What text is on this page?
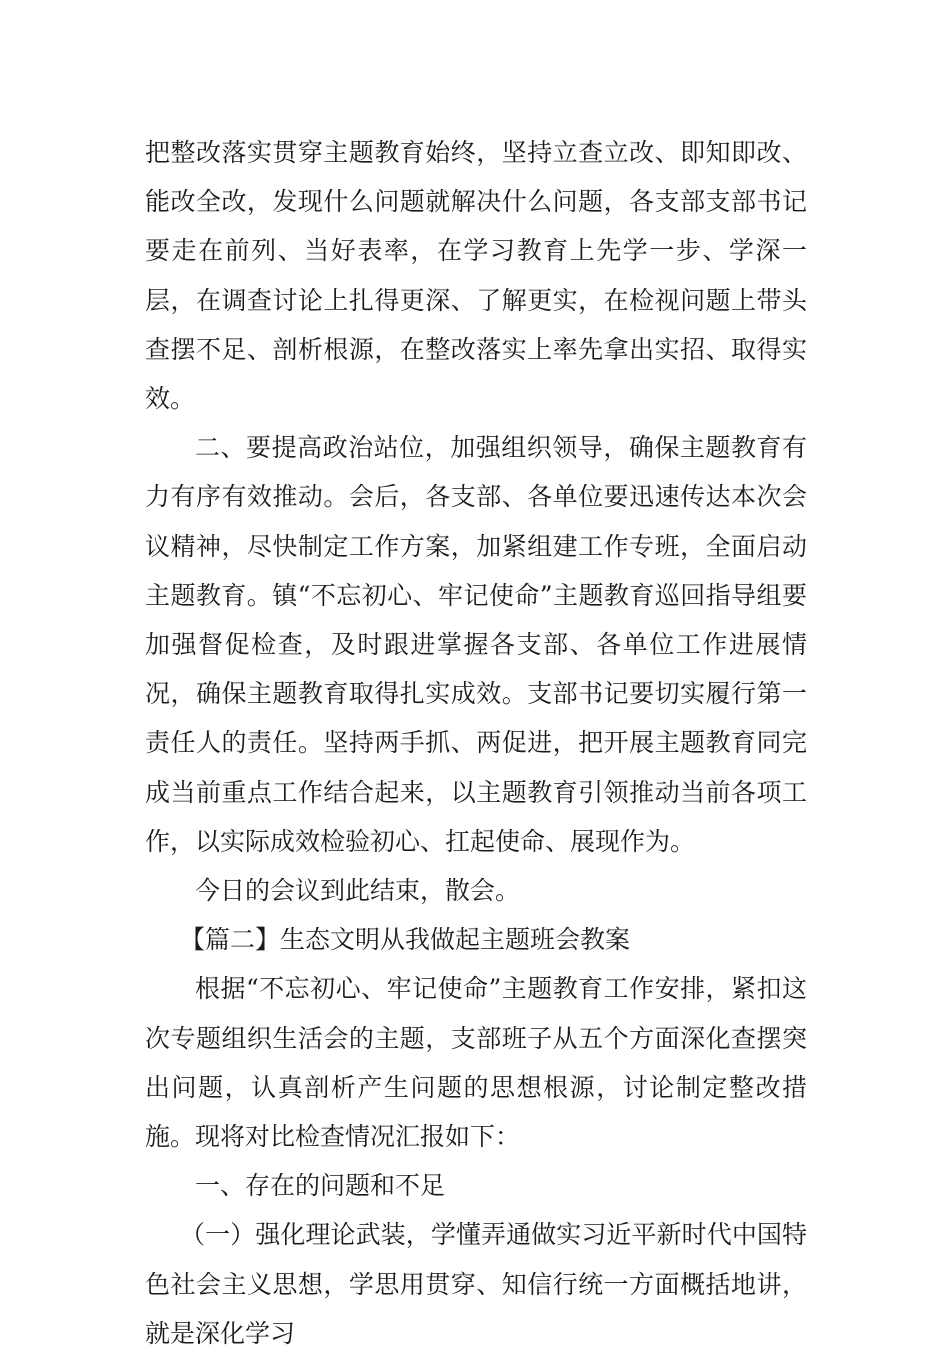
把整改落实贯穿主题教育始终，坚持立查立改、即知即改、能改全改，发现什么问题就解决什么问题，各支部支部书记要走在前列、当好表率，在学习教育上先学一步、学深一层，在调查讨论上扎得更深、了解更实，在检视问题上带头查摆不足、剖析根源，在整改落实上率先拿出实招、取得实效。

二、要提高政治站位，加强组织领导，确保主题教育有力有序有效推动。会后，各支部、各单位要迅速传达本次会议精神，尽快制定工作方案，加紧组建工作专班，全面启动主题教育。镇“不忘初心、牢记使命”主题教育巡回指导组要加强督促检查，及时跟进掌握各支部、各单位工作进展情况，确保主题教育取得扎实成效。支部书记要切实履行第一责任人的责任。坚持两手抓、两促进，把开展主题教育同完成当前重点工作结合起来，以主题教育引领推动当前各项工作，以实际成效检验初心、扛起使命、展现作为。

今日的会议到此结束，散会。

【篇二】生态文明从我做起主题班会教案

根据“不忘初心、牢记使命”主题教育工作安排，紧扣这次专题组织生活会的主题，支部班子从五个方面深化查摆突出问题，认真剖析产生问题的思想根源，讨论制定整改措施。现将对比检查情况汇报如下：

一、存在的问题和不足

（一）强化理论武装，学懂弄通做实习近平新时代中国特色社会主义思想，学思用贯穿、知信行统一方面概括地讲，就是深化学习
